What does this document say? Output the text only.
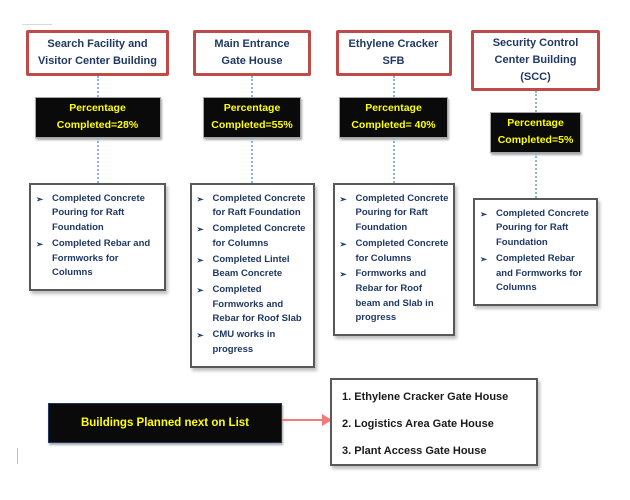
Search Facility and Visitor Center Building
Percentage
Completed=28%
➢ Completed Concrete Pouring for Raft Foundation
➢ Completed Rebar and Formworks for Columns
Main Entrance Gate House
Percentage
Completed=55%
➢ Completed Concrete for Raft Foundation
➢ Completed Concrete for Columns
➢ Completed Lintel Beam Concrete
➢ Completed Formworks and Rebar for Roof Slab
➢ CMU works in progress
Ethylene Cracker SFB
Percentage
Completed= 40%
➢ Completed Concrete Pouring for Raft Foundation
➢ Completed Concrete for Columns
➢ Formworks and Rebar for Roof beam and Slab in progress
Security Control Center Building (SCC)
Percentage
Completed=5%
➢ Completed Concrete Pouring for Raft Foundation
➢ Completed Rebar and Formworks for Columns
Buildings Planned next on List
1. Ethylene Cracker Gate House
2. Logistics Area Gate House
3. Plant Access Gate House
